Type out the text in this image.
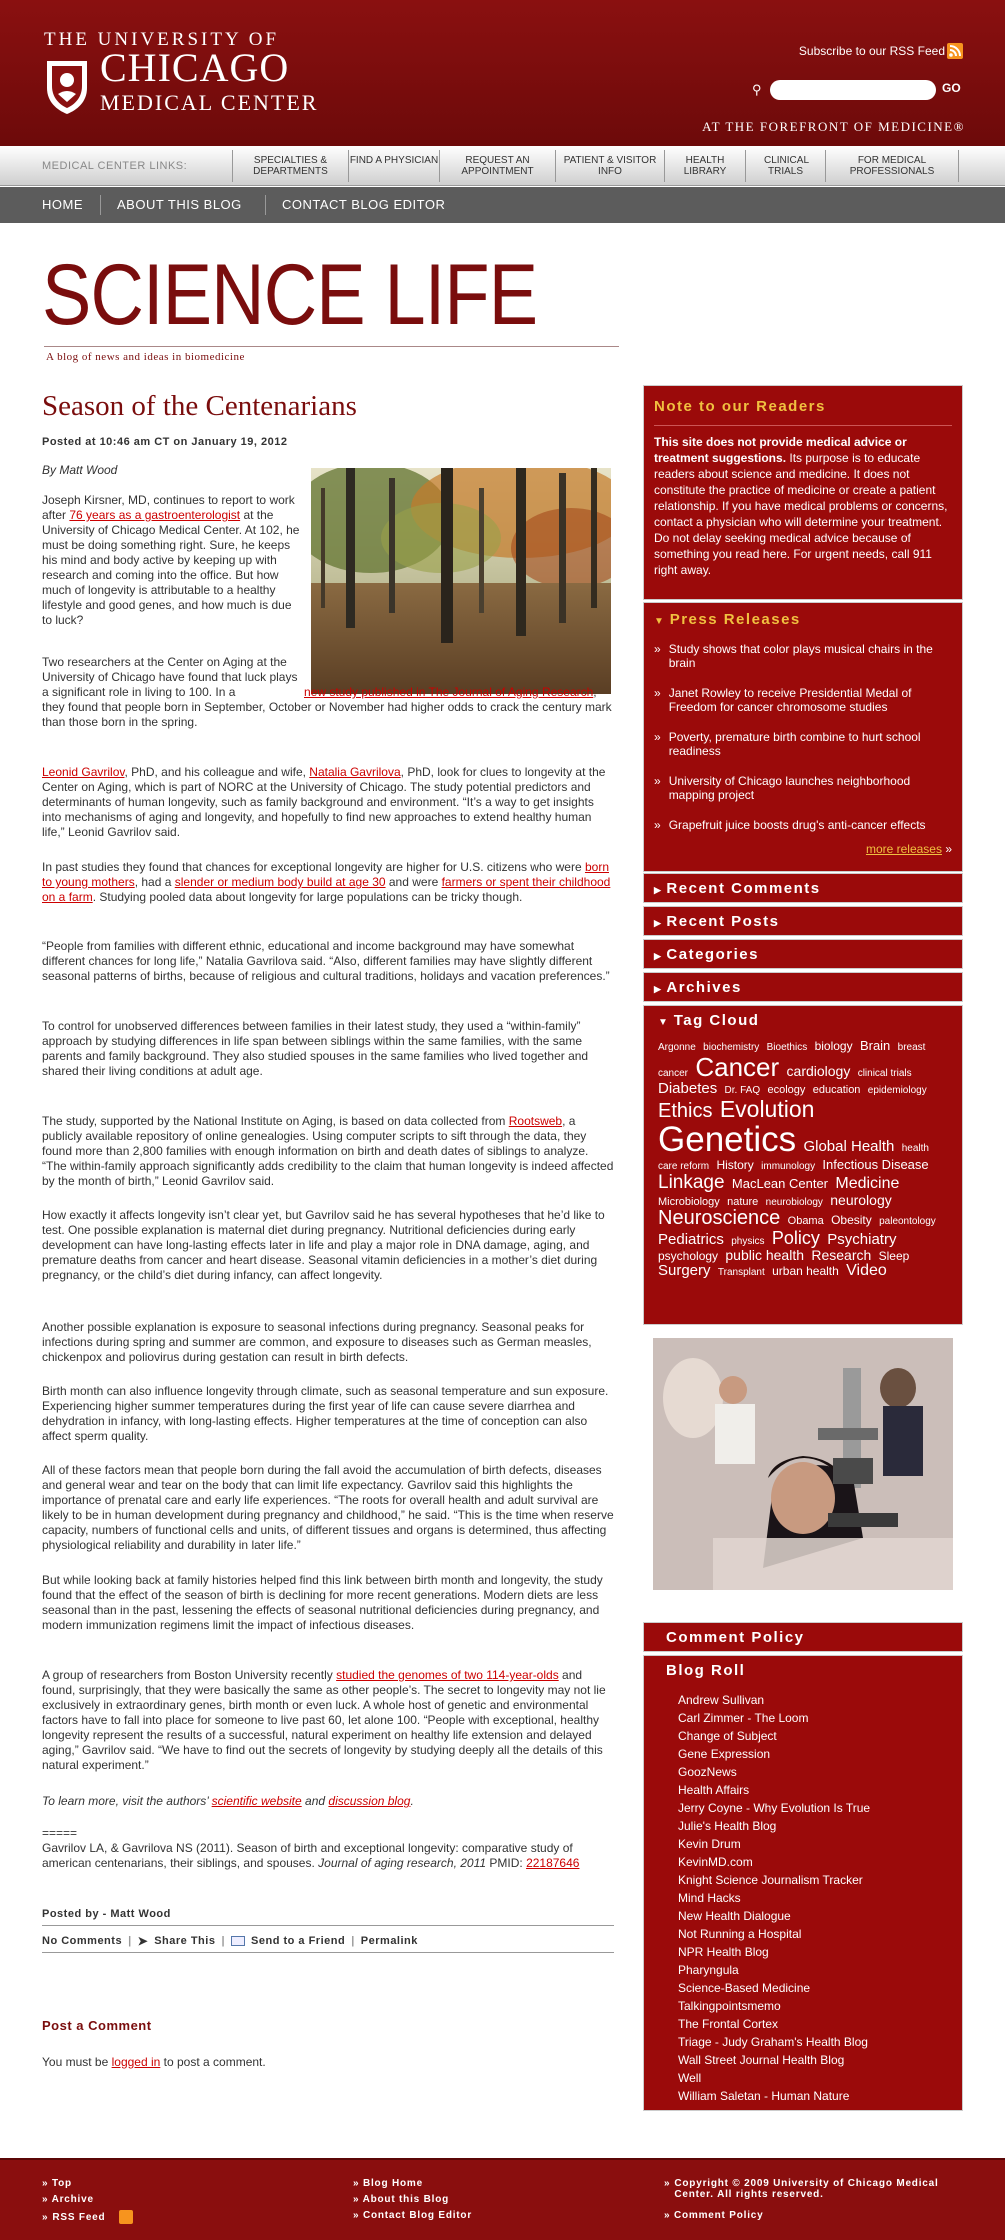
THE UNIVERSITY OF
CHICAGO
MEDICAL CENTER
Subscribe to our RSS Feed
⚲	GO
AT THE FOREFRONT OF MEDICINE®
MEDICAL CENTER LINKS:	SPECIALTIES & DEPARTMENTS
FIND A PHYSICIAN	REQUEST AN APPOINTMENT
PATIENT & VISITOR INFO
HEALTH LIBRARY
CLINICAL TRIALS
FOR MEDICAL PROFESSIONALS
HOME	ABOUT THIS BLOG	CONTACT BLOG EDITOR
SCIENCE LIFE
A blog of news and ideas in biomedicine
Season of the Centenarians
Posted at 10:46 am CT on January 19, 2012
By Matt Wood

Joseph Kirsner, MD, continues to report to work after 76 years as a gastroenterologist at the University of Chicago Medical Center. At 102, he must be doing something right. Sure, he keeps his mind and body active by keeping up with research and coming into the office. But how much of longevity is attributable to a healthy lifestyle and good genes, and how much is due to luck?

Two researchers at the Center on Aging at the University of Chicago have found that luck plays a significant role in living to 100. In a	new study published in The Journal of Aging Research, they found that people born in September, October or November had higher odds to crack the century mark than those born in the spring.

Leonid Gavrilov, PhD, and his colleague and wife, Natalia Gavrilova, PhD, look for clues to longevity at the Center on Aging, which is part of NORC at the University of Chicago. The study potential predictors and determinants of human longevity, such as family background and environment. “It’s a way to get insights into mechanisms of aging and longevity, and hopefully to find new approaches to extend healthy human life,” Leonid Gavrilov said.

In past studies they found that chances for exceptional longevity are higher for U.S. citizens who were born to young mothers, had a slender or medium body build at age 30 and were farmers or spent their childhood on a farm. Studying pooled data about longevity for large populations can be tricky though.

“People from families with different ethnic, educational and income background may have somewhat different chances for long life,” Natalia Gavrilova said. “Also, different families may have slightly different seasonal patterns of births, because of religious and cultural traditions, holidays and vacation preferences.”

To control for unobserved differences between families in their latest study, they used a “within-family” approach by studying differences in life span between siblings within the same families, with the same parents and family background. They also studied spouses in the same families who lived together and shared their living conditions at adult age.

The study, supported by the National Institute on Aging, is based on data collected from Rootsweb, a publicly available repository of online genealogies. Using computer scripts to sift through the data, they found more than 2,800 families with enough information on birth and death dates of siblings to analyze. “The within-family approach significantly adds credibility to the claim that human longevity is indeed affected by the month of birth,” Leonid Gavrilov said.

How exactly it affects longevity isn’t clear yet, but Gavrilov said he has several hypotheses that he’d like to test. One possible explanation is maternal diet during pregnancy. Nutritional deficiencies during early development can have long-lasting effects later in life and play a major role in DNA damage, aging, and premature deaths from cancer and heart disease. Seasonal vitamin deficiencies in a mother’s diet during pregnancy, or the child’s diet during infancy, can affect longevity.

Another possible explanation is exposure to seasonal infections during pregnancy. Seasonal peaks for infections during spring and summer are common, and exposure to diseases such as German measles, chickenpox and poliovirus during gestation can result in birth defects.

Birth month can also influence longevity through climate, such as seasonal temperature and sun exposure. Experiencing higher summer temperatures during the first year of life can cause severe diarrhea and dehydration in infancy, with long-lasting effects. Higher temperatures at the time of conception can also affect sperm quality.

All of these factors mean that people born during the fall avoid the accumulation of birth defects, diseases and general wear and tear on the body that can limit life expectancy. Gavrilov said this highlights the importance of prenatal care and early life experiences. “The roots for overall health and adult survival are likely to be in human development during pregnancy and childhood,” he said. “This is the time when reserve capacity, numbers of functional cells and units, of different tissues and organs is determined, thus affecting physiological reliability and durability in later life.”

But while looking back at family histories helped find this link between birth month and longevity, the study found that the effect of the season of birth is declining for more recent generations. Modern diets are less seasonal than in the past, lessening the effects of seasonal nutritional deficiencies during pregnancy, and modern immunization regimens limit the impact of infectious diseases.

A group of researchers from Boston University recently studied the genomes of two 114-year-olds and found, surprisingly, that they were basically the same as other people’s. The secret to longevity may not lie exclusively in extraordinary genes, birth month or even luck. A whole host of genetic and environmental factors have to fall into place for someone to live past 60, let alone 100. “People with exceptional, healthy longevity represent the results of a successful, natural experiment on healthy life extension and delayed aging,” Gavrilov said. “We have to find out the secrets of longevity by studying deeply all the details of this natural experiment.”

To learn more, visit the authors’ scientific website and discussion blog.

=====

Gavrilov LA, & Gavrilova NS (2011). Season of birth and exceptional longevity: comparative study of american centenarians, their siblings, and spouses. Journal of aging research, 2011 PMID: 22187646

Posted by - Matt Wood
No Comments | ➤ Share This | Send to a Friend | Permalink
Post a Comment
You must be logged in to post a comment.
Note to our Readers

This site does not provide medical advice or treatment suggestions. Its purpose is to educate readers about science and medicine. It does not constitute the practice of medicine or create a patient relationship. If you have medical problems or concerns, contact a physician who will determine your treatment. Do not delay seeking medical advice because of something you read here. For urgent needs, call 911 right away.

▼ Press Releases
» Study shows that color plays musical chairs in the brain
» Janet Rowley to receive Presidential Medal of Freedom for cancer chromosome studies
» Poverty, premature birth combine to hurt school readiness
» University of Chicago launches neighborhood mapping project
» Grapefruit juice boosts drug's anti-cancer effects
more releases »
▶ Recent Comments
▶ Recent Posts
▶ Categories
▶ Archives
▼ Tag Cloud
Argonne biochemistry Bioethics biology Brain breast cancer Cancer cardiology clinical trials Diabetes Dr. FAQ ecology education epidemiology Ethics Evolution Genetics Global Health health care reform History immunology Infectious Disease Linkage MacLean Center Medicine Microbiology nature neurobiology neurology Neuroscience Obama Obesity paleontology Pediatrics physics Policy Psychiatry psychology public health Research Sleep Surgery Transplant urban health Video
Comment Policy
Blog Roll
Andrew Sullivan
Carl Zimmer - The Loom
Change of Subject
Gene Expression
GoozNews
Health Affairs
Jerry Coyne - Why Evolution Is True
Julie's Health Blog
Kevin Drum
KevinMD.com
Knight Science Journalism Tracker
Mind Hacks
New Health Dialogue
Not Running a Hospital
NPR Health Blog
Pharyngula
Science-Based Medicine
Talkingpointsmemo
The Frontal Cortex
Triage - Judy Graham's Health Blog
Wall Street Journal Health Blog
Well
William Saletan - Human Nature
» Top
» Archive
» RSS Feed
» Blog Home
» About this Blog
» Contact Blog Editor
» Copyright © 2009 University of Chicago Medical Center. All rights reserved.
» Comment Policy
